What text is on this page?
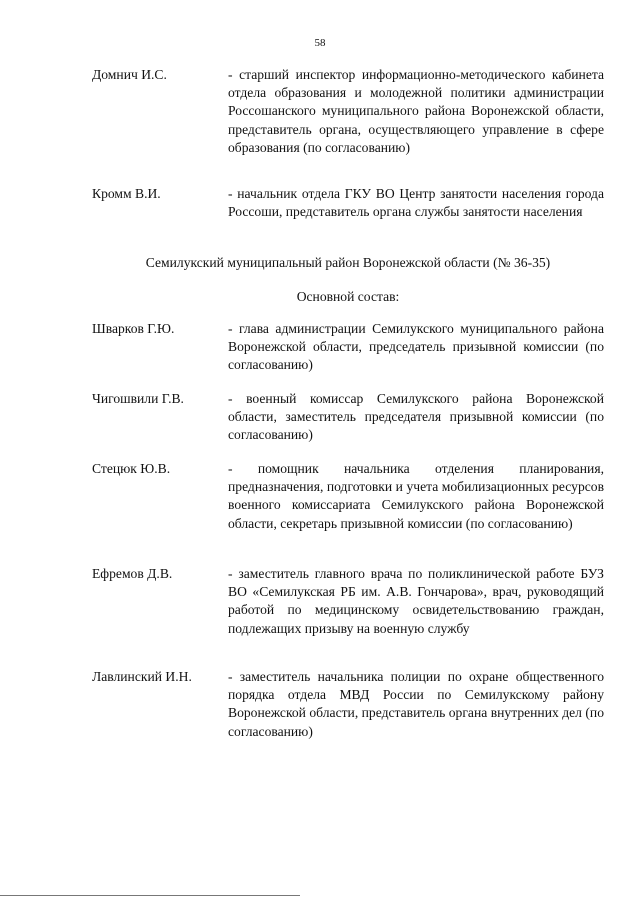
58
Домнич И.С.	- старший инспектор информационно-методического кабинета отдела образования и молодежной политики администрации Россошанского муниципального района Воронежской области, представитель органа, осуществляющего управление в сфере образования (по согласованию)
Кромм В.И.	- начальник отдела ГКУ ВО Центр занятости населения города Россоши, представитель органа службы занятости населения
Семилукский муниципальный район Воронежской области (№ 36-35)
Основной состав:
Шварков Г.Ю.	- глава администрации Семилукского муниципального района Воронежской области, председатель призывной комиссии (по согласованию)
Чигошвили Г.В.	- военный комиссар Семилукского района Воронежской области, заместитель председателя призывной комиссии (по согласованию)
Стецюк Ю.В.	- помощник начальника отделения планирования, предназначения, подготовки и учета мобилизационных ресурсов военного комиссариата Семилукского района Воронежской области, секретарь призывной комиссии (по согласованию)
Ефремов Д.В.	- заместитель главного врача по поликлинической работе БУЗ ВО «Семилукская РБ им. А.В. Гончарова», врач, руководящий работой по медицинскому освидетельствованию граждан, подлежащих призыву на военную службу
Лавлинский И.Н.	- заместитель начальника полиции по охране общественного порядка отдела МВД России по Семилукскому району Воронежской области, представитель органа внутренних дел (по согласованию)
